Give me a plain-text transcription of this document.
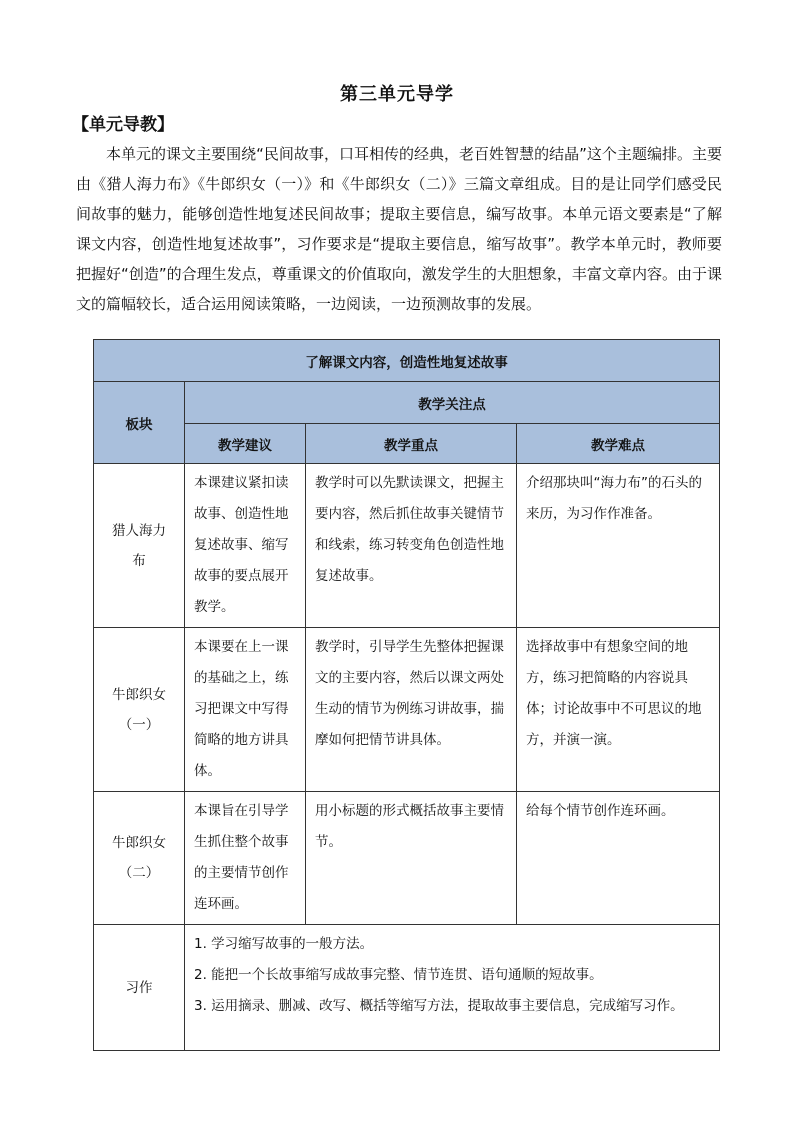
第三单元导学
【单元导教】

本单元的课文主要围绕“民间故事，口耳相传的经典，老百姓智慧的结晶”这个主题编排。主要由《猎人海力布》《牛郎织女（一）》和《牛郎织女（二）》三篇文章组成。目的是让同学们感受民间故事的魅力，能够创造性地复述民间故事；提取主要信息，编写故事。本单元语文要素是“了解课文内容，创造性地复述故事”，习作要求是“提取主要信息，缩写故事”。教学本单元时，教师要把握好“创造”的合理生发点，尊重课文的价值取向，激发学生的大胆想象，丰富文章内容。由于课文的篇幅较长，适合运用阅读策略，一边阅读，一边预测故事的发展。

了解课文内容，创造性地复述故事			
板块	教学关注点		
	教学建议	教学重点	教学难点

猎人海力
布	本课建议紧扣读故事、创造性地复述故事、缩写故事的要点展开教学。	教学时可以先默读课文，把握主要内容，然后抓住故事关键情节和线索，练习转变角色创造性地复述故事。	介绍那块叫“海力布”的石头的来历，为习作作准备。

牛郎织女
（一）	本课要在上一课的基础之上，练习把课文中写得简略的地方讲具体。	教学时，引导学生先整体把握课文的主要内容，然后以课文两处生动的情节为例练习讲故事，揣摩如何把情节讲具体。	选择故事中有想象空间的地方，练习把简略的内容说具体；讨论故事中不可思议的地方，并演一演。

牛郎织女
（二）	本课旨在引导学生抓住整个故事的主要情节创作连环画。	用小标题的形式概括故事主要情节。	给每个情节创作连环画。
习作	1. 学习缩写故事的一般方法。
2. 能把一个长故事缩写成故事完整、情节连贯、语句通顺的短故事。
3. 运用摘录、删减、改写、概括等缩写方法，提取故事主要信息，完成缩写习作。		
